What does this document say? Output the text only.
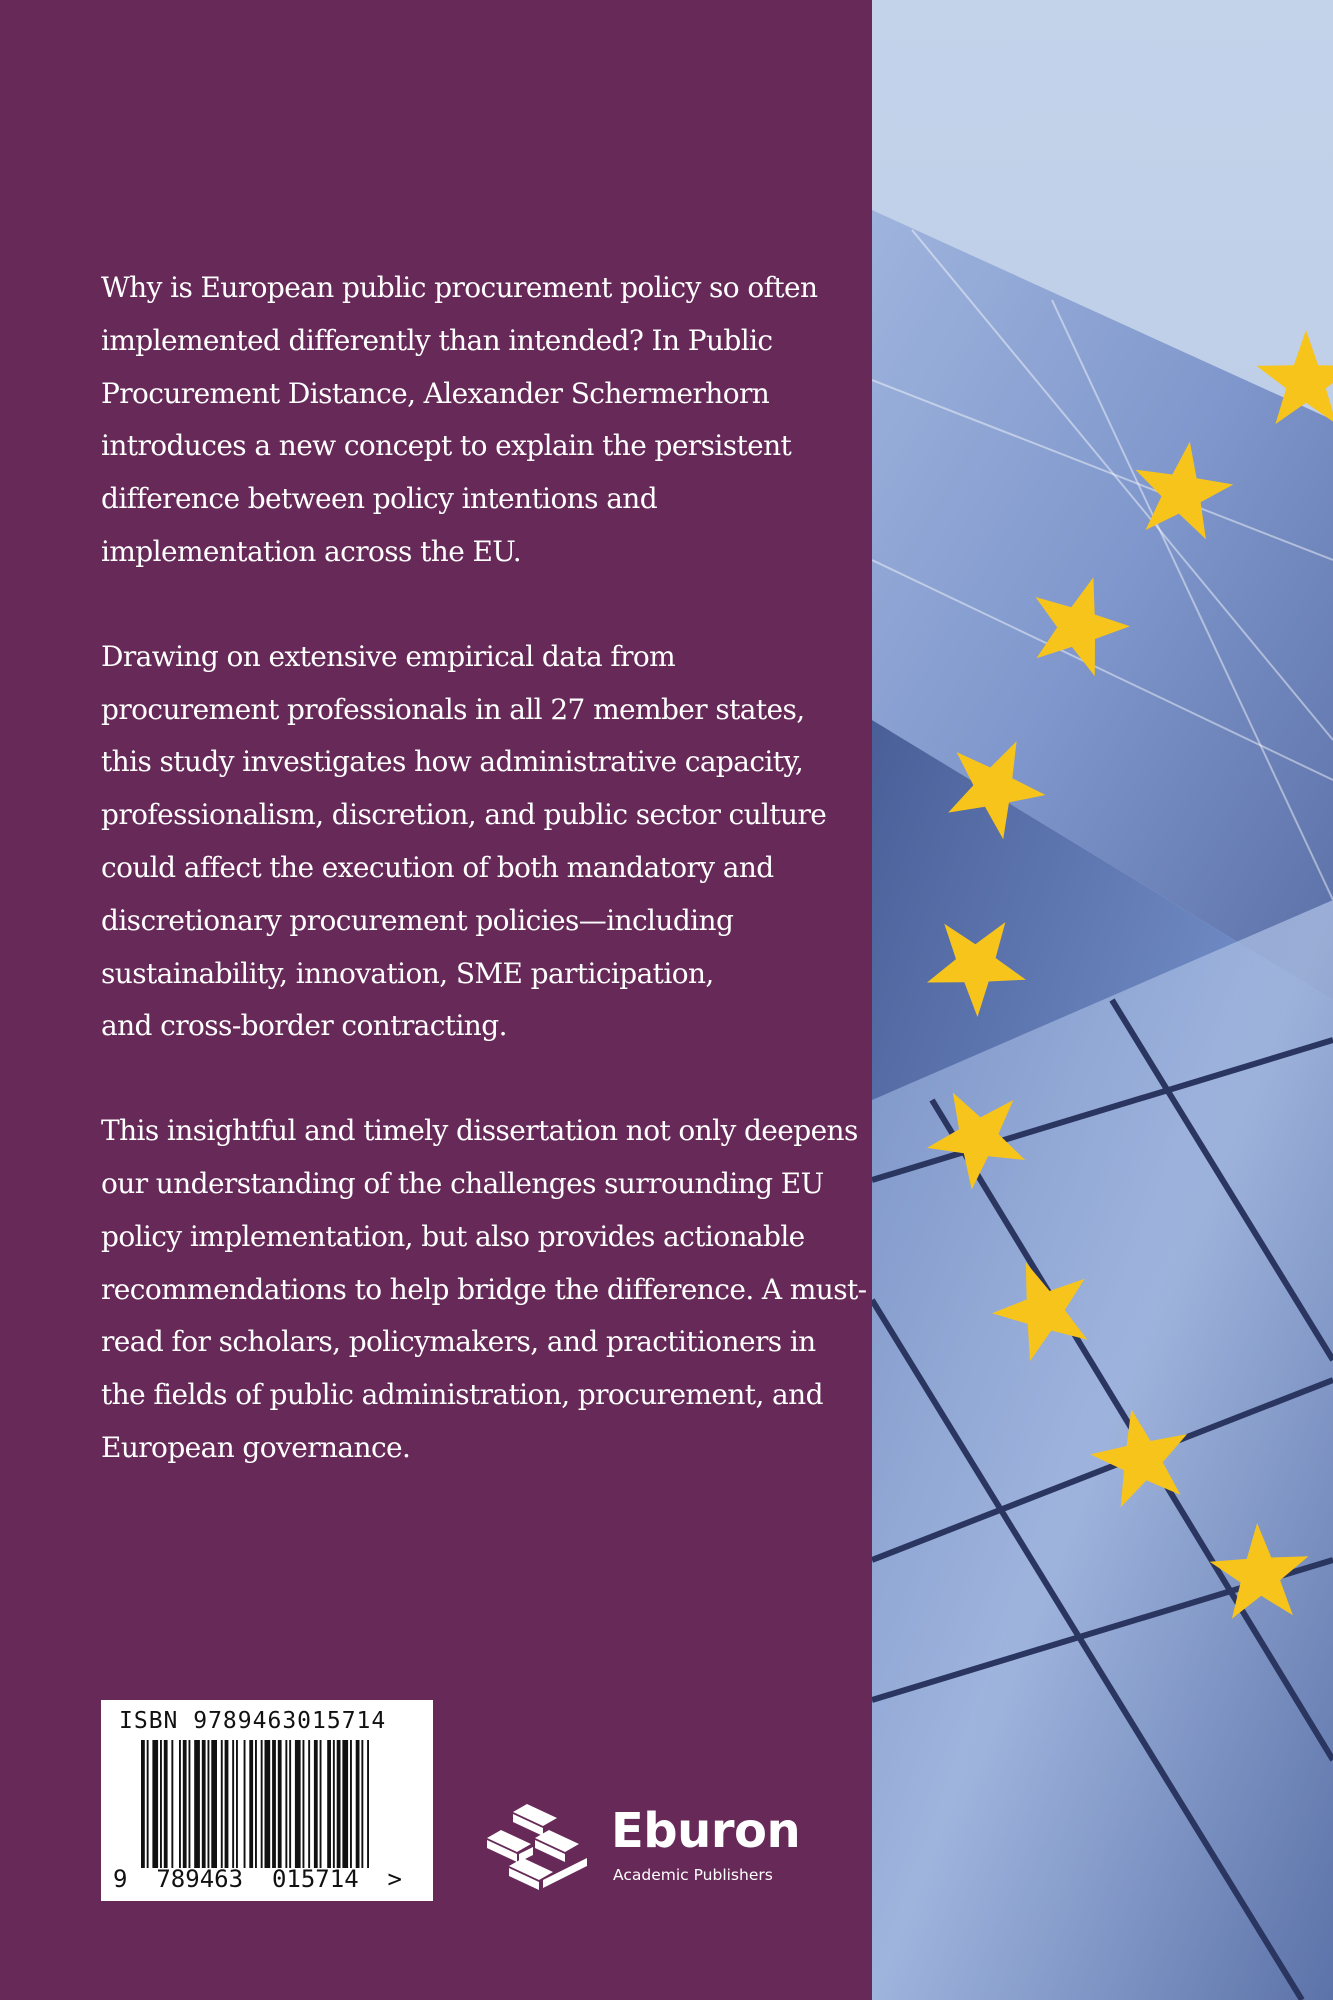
Why is European public procurement policy so often
implemented differently than intended? In Public
Procurement Distance, Alexander Schermerhorn
introduces a new concept to explain the persistent
difference between policy intentions and
implementation across the EU.

Drawing on extensive empirical data from
procurement professionals in all 27 member states,
this study investigates how administrative capacity,
professionalism, discretion, and public sector culture
could affect the execution of both mandatory and
discretionary procurement policies—including
sustainability, innovation, SME participation,
and cross-border contracting.

This insightful and timely dissertation not only deepens
our understanding of the challenges surrounding EU
policy implementation, but also provides actionable
recommendations to help bridge the difference. A must-
read for scholars, policymakers, and practitioners in
the fields of public administration, procurement, and
European governance.

ISBN 9789463015714
9  789463  015714  >
Eburon
Academic Publishers
